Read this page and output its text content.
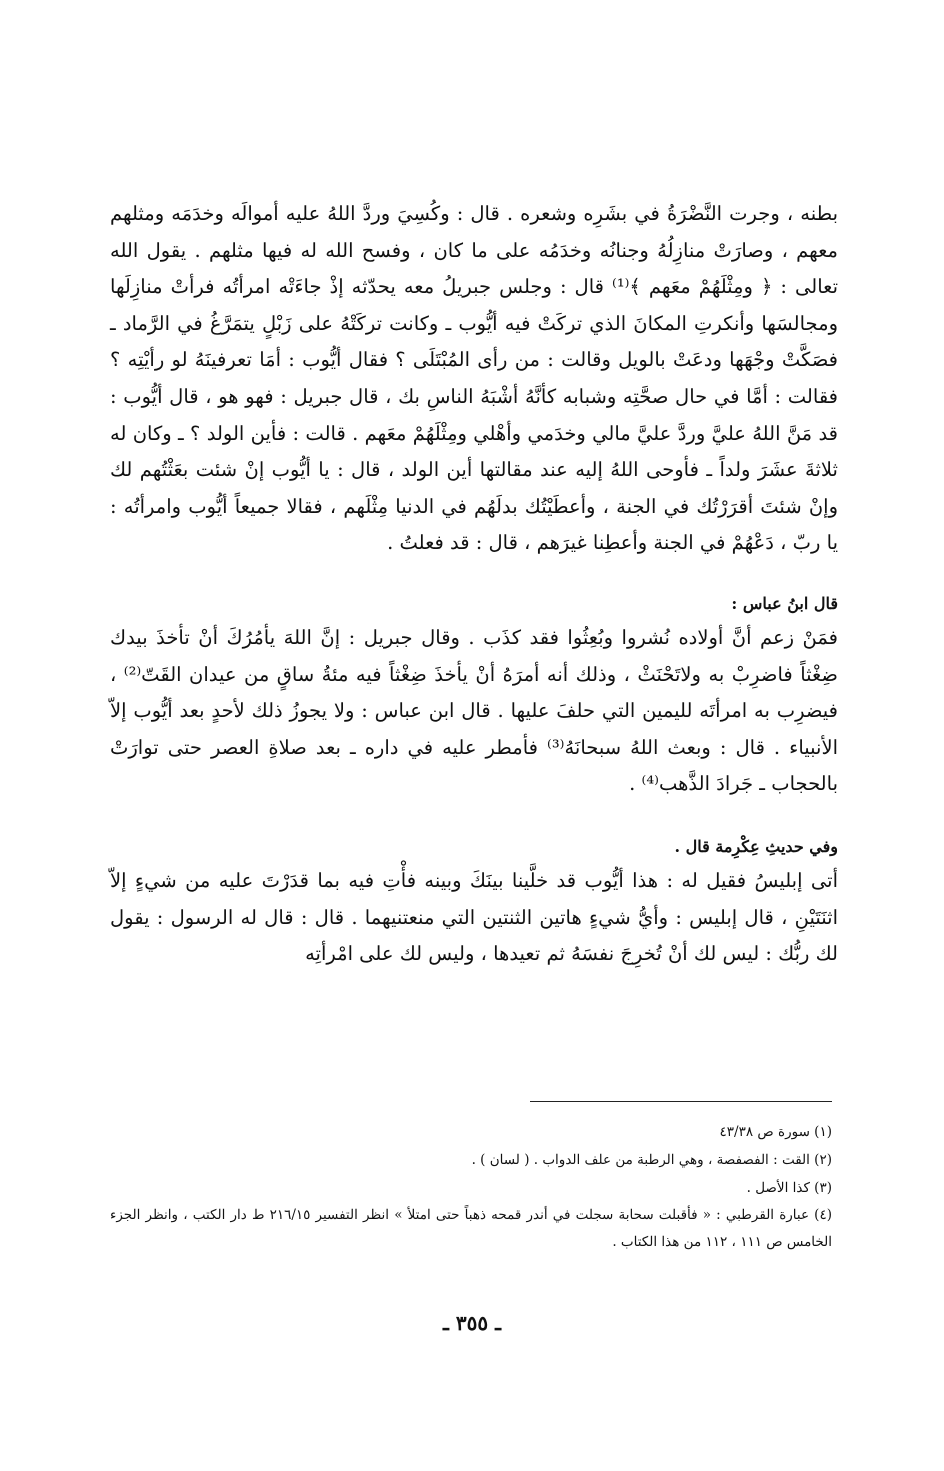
بطنه ، وجرت النَّضْرَةُ في بشَرِه وشعره . قال : وكُسِيَ وردَّ اللهُ عليه أموالَه وخدَمَه ومثلهم معهم ، وصارَتْ منازِلُهُ وجنانُه وخدَمُه على ما كان ، وفسح الله له فيها مثلهم . يقول الله تعالى : ﴿ ومِثْلَهُمْ معَهم ﴾⁽¹⁾ قال : وجلس جبريلُ معه يحدّثه إذْ جاءَتْه امرأتُه فرأتْ منازِلَها ومجالسَها وأنكرتِ المكانَ الذي تركَتْ فيه أيُّوب ـ وكانت تركَتْهُ على زَبْلٍ يتمَرَّغُ في الرَّماد ـ فصَكَّتْ وجْهَها ودعَتْ بالويل وقالت : من رأى المُبْتَلَى ؟ فقال أيُّوب : أمَا تعرفينَهُ لو رأيْتِه ؟ فقالت : أمَّا في حال صحَّتِه وشبابه كأنَّهُ أشْبَهُ الناسِ بك ، قال جبريل : فهو هو ، قال أيُّوب : قد مَنَّ اللهُ عليَّ وردَّ عليَّ مالي وخدَمي وأهْلي ومِثْلَهُمْ معَهم . قالت : فأين الولد ؟ ـ وكان له ثلاثةَ عشَرَ ولداً ـ فأوحى اللهُ إليه عند مقالتها أين الولد ، قال : يا أيُّوب إنْ شئت بعَثْتُهم لك وإنْ شئتَ أقرَرْتُك في الجنة ، وأعطَيْتُك بدلَهُم في الدنيا مِثْلَهم ، فقالا جميعاً أيُّوب وامرأتُه : يا ربّ ، دَعْهُمْ في الجنة وأعطِنا غيرَهم ، قال : قد فعلتُ .

قال ابنُ عباس :

فمَنْ زعم أنَّ أولاده نُشروا وبُعِثُوا فقد كذَب . وقال جبريل : إنَّ اللهَ يأمُرُكَ أنْ تأخذَ بيدك ضِغْثاً فاضرِبْ به ولاتَحْنَثْ ، وذلك أنه أمرَهُ أنْ يأخذَ ضِغْثاً فيه مئةُ ساقٍ من عيدان القَتّ⁽²⁾ ، فيضرِب به امرأتَه لليمين التي حلفَ عليها . قال ابن عباس : ولا يجوزُ ذلك لأحدٍ بعد أيُّوب إلاّ الأنبياء . قال : وبعث اللهُ سبحانَهُ⁽³⁾ فأمطر عليه في داره ـ بعد صلاةِ العصر حتى توارَتْ بالحجاب ـ جَرادَ الذَّهب⁽⁴⁾ .

وفي حديثِ عِكْرِمة قال .

أتى إبليسُ فقيل له : هذا أيُّوب قد خلَّينا بينَكَ وبينه فأْتِ فيه بما قدَرْتَ عليه من شيءٍ إلاّ اثنَتَيْنِ ، قال إبليس : وأيُّ شيءٍ هاتين الثنتين التي منعتنيهما . قال : قال له الرسول : يقول لك ربُّك : ليس لك أنْ تُخرِجَ نفسَهُ ثم تعيدها ، وليس لك على امْرأتِه

(١) سورة ص ٤٣/٣٨

(٢) القت : الفصفصة ، وهي الرطبة من علف الدواب . ( لسان ) .

(٣) كذا الأصل .

(٤) عبارة القرطبي : « فأقبلت سحابة سجلت في أندر قمحه ذهباً حتى امتلأ » انظر التفسير ٢١٦/١٥ ط دار الكتب ، وانظر الجزء الخامس ص ١١١ ، ١١٢ من هذا الكتاب .

ـ ٣٥٥ ـ
